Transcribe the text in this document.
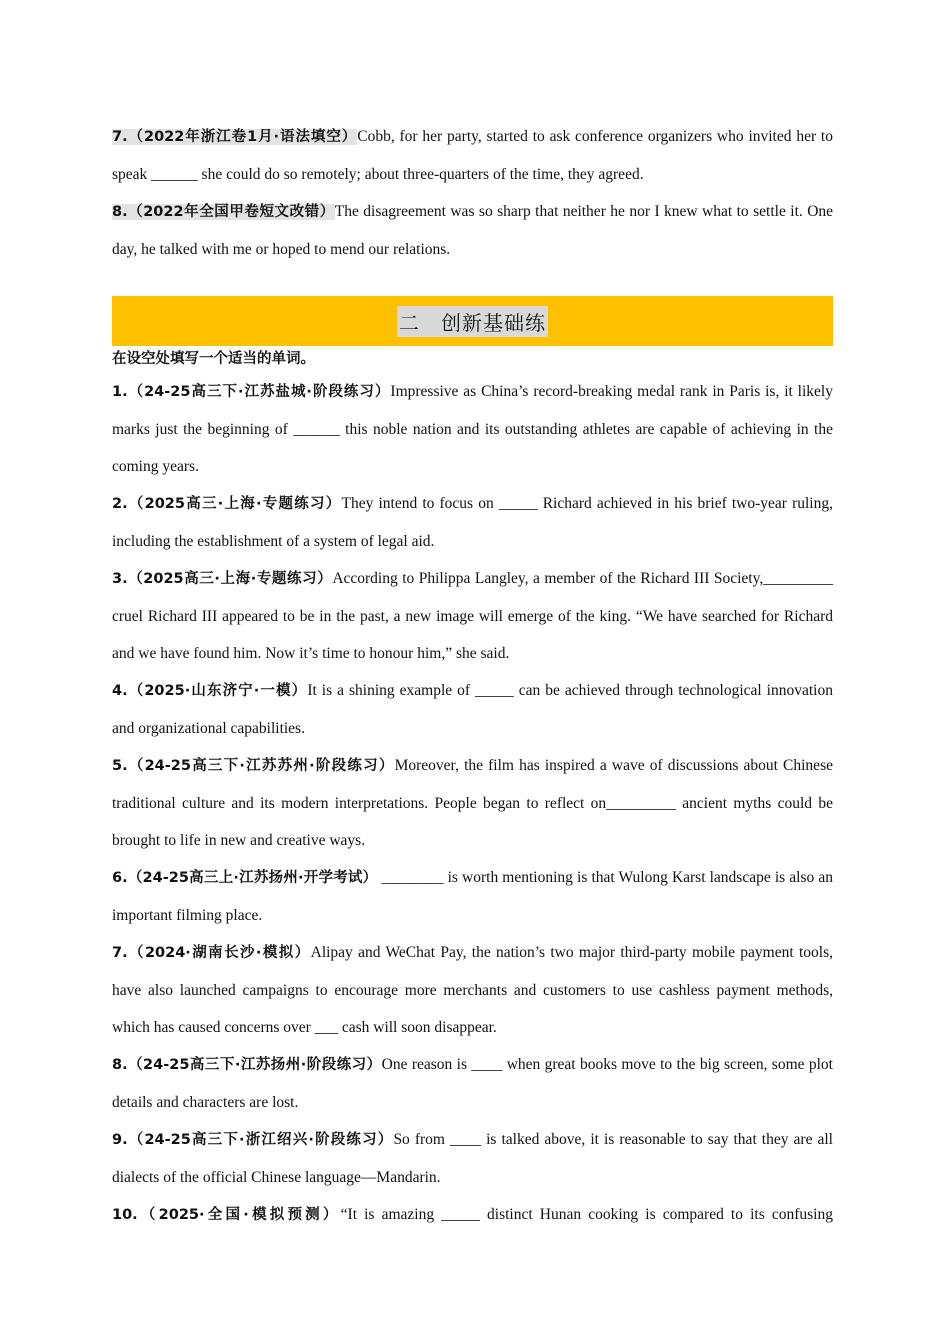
7.（2022年浙江卷1月·语法填空）Cobb, for her party, started to ask conference organizers who invited her to speak ______ she could do so remotely; about three-quarters of the time, they agreed.

8.（2022年全国甲卷短文改错）The disagreement was so sharp that neither he nor I knew what to settle it. One day, he talked with me or hoped to mend our relations.

二　创新基础练

在设空处填写一个适当的单词。

1.（24-25高三下·江苏盐城·阶段练习）Impressive as China’s record-breaking medal rank in Paris is, it likely marks just the beginning of ______ this noble nation and its outstanding athletes are capable of achieving in the coming years.

2.（2025高三·上海·专题练习）They intend to focus on _____ Richard achieved in his brief two-year ruling, including the establishment of a system of legal aid.

3.（2025高三·上海·专题练习）According to Philippa Langley, a member of the Richard III Society,_________ cruel Richard III appeared to be in the past, a new image will emerge of the king. “We have searched for Richard and we have found him. Now it’s time to honour him,” she said.

4.（2025·山东济宁·一模）It is a shining example of _____ can be achieved through technological innovation and organizational capabilities.

5.（24-25高三下·江苏苏州·阶段练习）Moreover, the film has inspired a wave of discussions about Chinese traditional culture and its modern interpretations. People began to reflect on_________ ancient myths could be brought to life in new and creative ways.

6.（24-25高三上·江苏扬州·开学考试） ________ is worth mentioning is that Wulong Karst landscape is also an important filming place.

7.（2024·湖南长沙·模拟）Alipay and WeChat Pay, the nation’s two major third-party mobile payment tools, have also launched campaigns to encourage more merchants and customers to use cashless payment methods, which has caused concerns over ___ cash will soon disappear.

8.（24-25高三下·江苏扬州·阶段练习）One reason is ____ when great books move to the big screen, some plot details and characters are lost.

9.（24-25高三下·浙江绍兴·阶段练习）So from ____ is talked above, it is reasonable to say that they are all dialects of the official Chinese language—Mandarin.

10.（2025·全国·模拟预测）“It is amazing _____ distinct Hunan cooking is compared to its confusing
